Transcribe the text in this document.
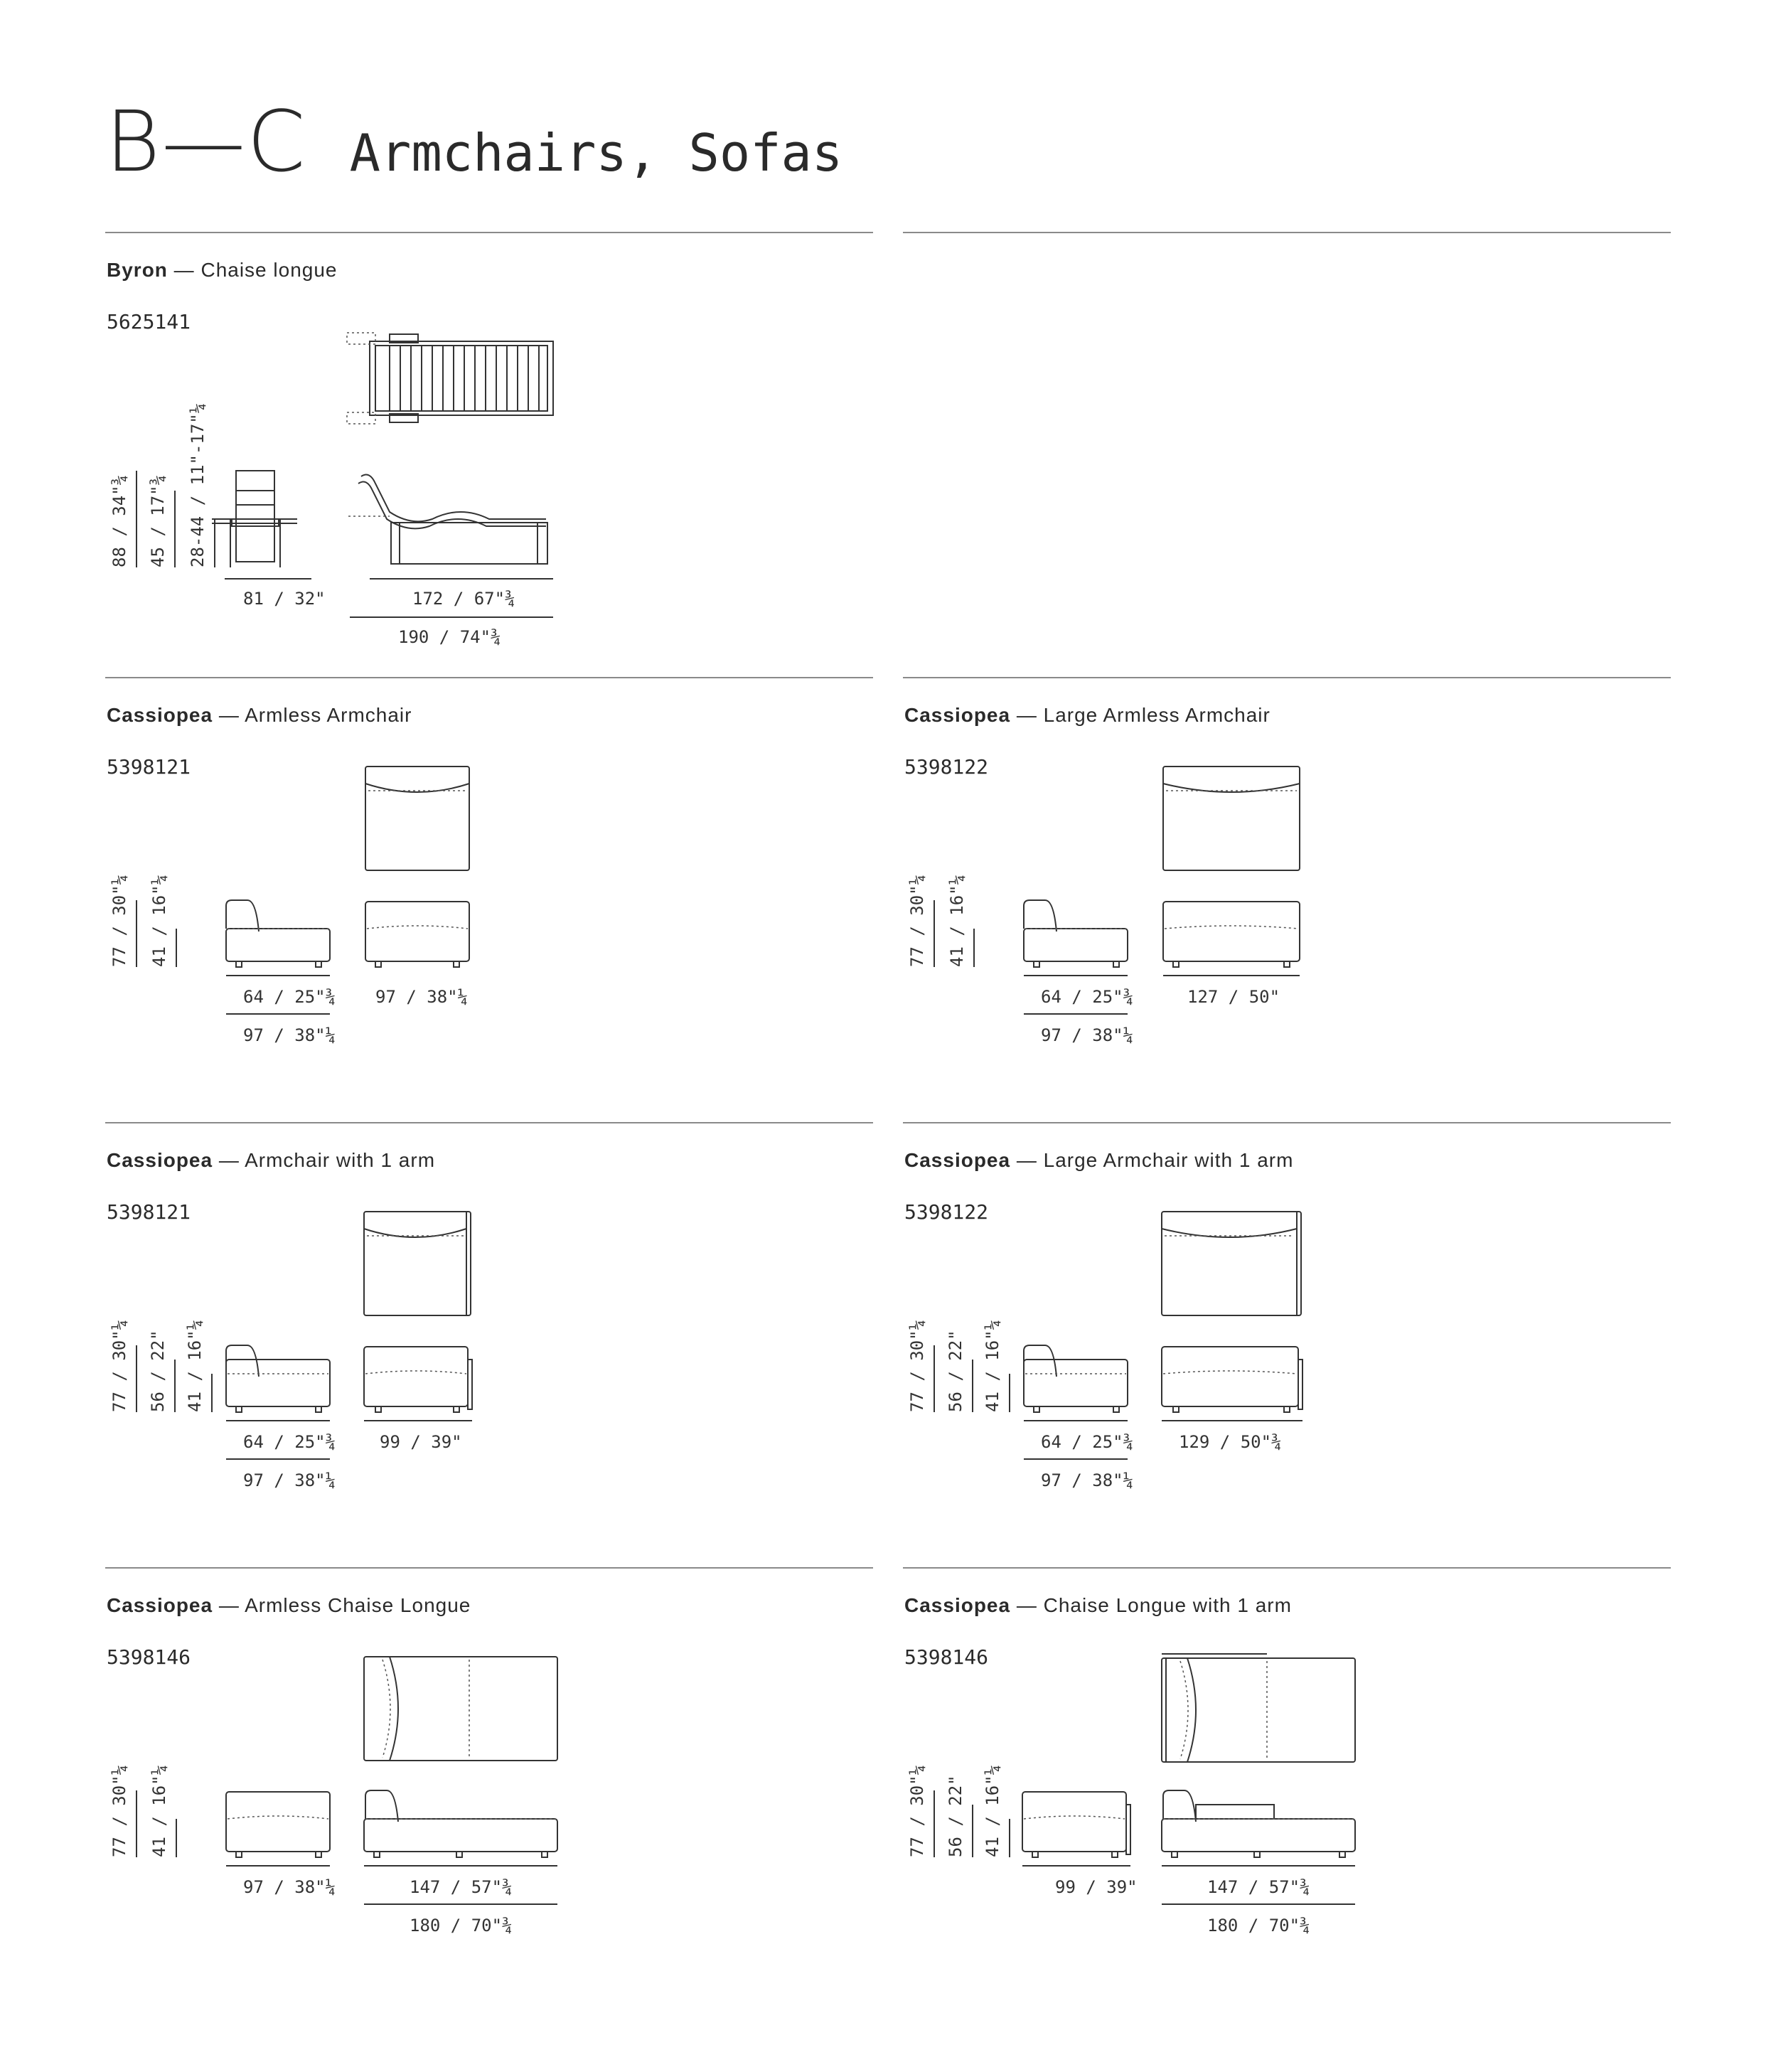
B—C Armchairs, Sofas
Byron — Chaise longue
5625141
88 / 34"¾ 45 / 17"¾ 28-44 / 11"-17"¼
81 / 32"	172 / 67"¾
190 / 74"¾
Cassiopea — Armless Armchair
5398121
77 / 30"¼ 41 / 16"¼
64 / 25"¾ 97 / 38"¼
97 / 38"¼
Cassiopea — Large Armless Armchair
5398122
77 / 30"¼ 41 / 16"¼
64 / 25"¾	127 / 50"
97 / 38"¼
Cassiopea — Armchair with 1 arm
5398121
77 / 30"¼ 56 / 22" 41 / 16"¼
64 / 25"¾	99 / 39"
97 / 38"¼
Cassiopea — Large Armchair with 1 arm
5398122
77 / 30"¼ 56 / 22" 41 / 16"¼
64 / 25"¾	129 / 50"¾
97 / 38"¼
Cassiopea — Armless Chaise Longue
5398146
77 / 30"¼ 41 / 16"¼
97 / 38"¼	147 / 57"¾
180 / 70"¾
Cassiopea — Chaise Longue with 1 arm
5398146
77 / 30"¼ 56 / 22" 41 / 16"¼
99 / 39"	147 / 57"¾
180 / 70"¾
